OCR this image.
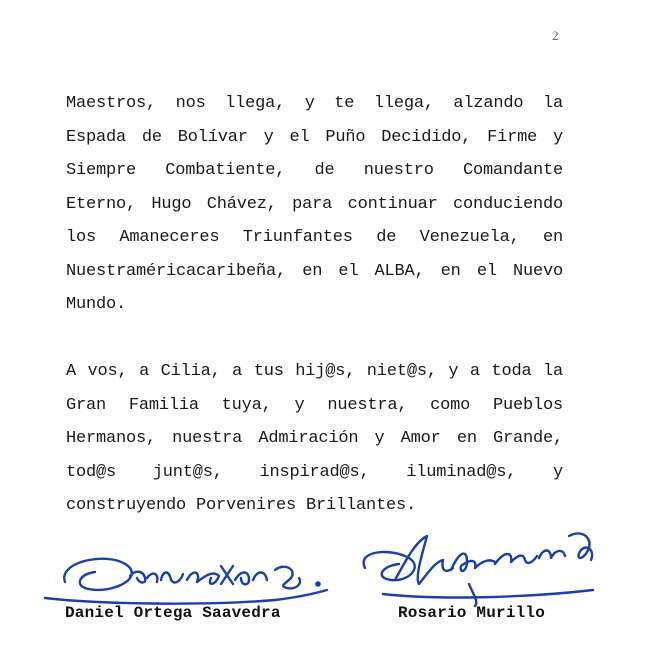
2
Maestros, nos llega, y te llega, alzando la
Espada de Bolívar y el Puño Decidido, Firme y
Siempre Combatiente, de nuestro Comandante
Eterno, Hugo Chávez, para continuar conduciendo
los Amaneceres Triunfantes de Venezuela, en
Nuestraméricacaribeña, en el ALBA, en el Nuevo
Mundo.
A vos, a Cilia, a tus hij@s, niet@s, y a toda la
Gran Familia tuya, y nuestra, como Pueblos
Hermanos, nuestra Admiración y Amor en Grande,
tod@s junt@s, inspirad@s, iluminad@s, y
construyendo Porvenires Brillantes.
Daniel Ortega Saavedra	Rosario Murillo
